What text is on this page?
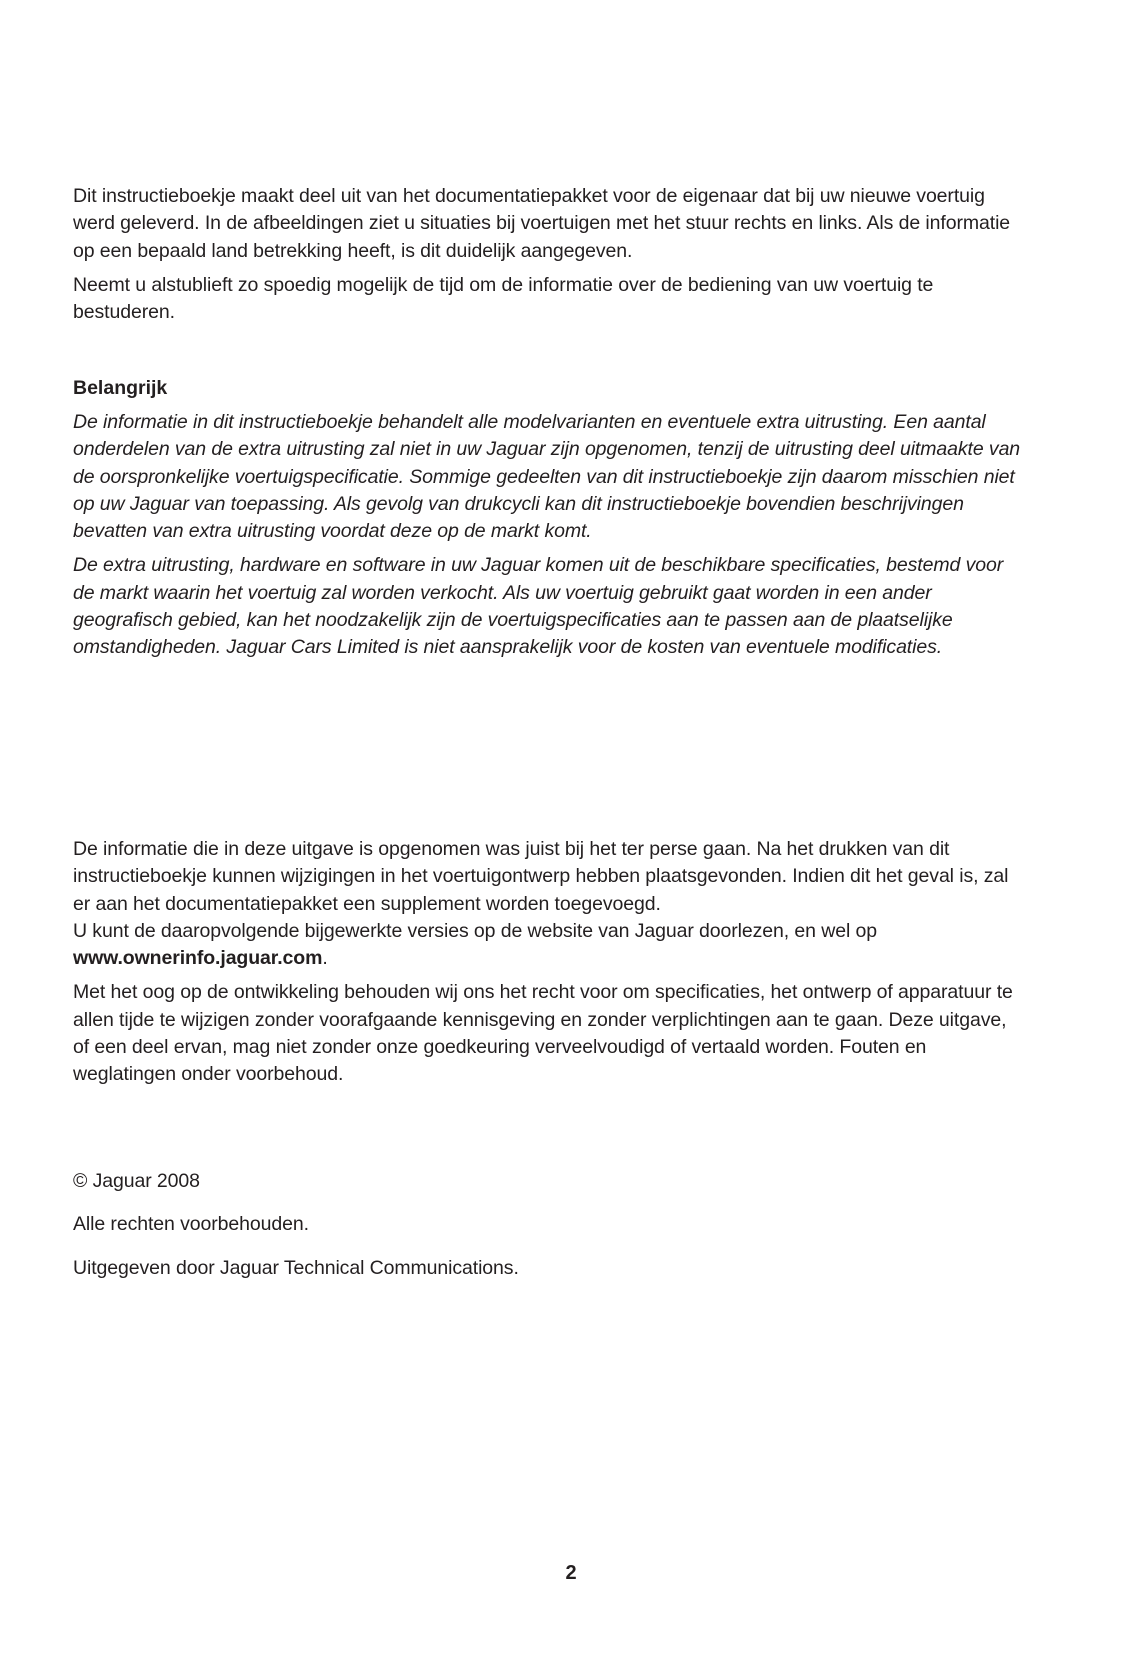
Dit instructieboekje maakt deel uit van het documentatiepakket voor de eigenaar dat bij uw nieuwe voertuig werd geleverd. In de afbeeldingen ziet u situaties bij voertuigen met het stuur rechts en links. Als de informatie op een bepaald land betrekking heeft, is dit duidelijk aangegeven.

Neemt u alstublieft zo spoedig mogelijk de tijd om de informatie over de bediening van uw voertuig te bestuderen.

Belangrijk

De informatie in dit instructieboekje behandelt alle modelvarianten en eventuele extra uitrusting. Een aantal onderdelen van de extra uitrusting zal niet in uw Jaguar zijn opgenomen, tenzij de uitrusting deel uitmaakte van de oorspronkelijke voertuigspecificatie. Sommige gedeelten van dit instructieboekje zijn daarom misschien niet op uw Jaguar van toepassing. Als gevolg van drukcycli kan dit instructieboekje bovendien beschrijvingen bevatten van extra uitrusting voordat deze op de markt komt.

De extra uitrusting, hardware en software in uw Jaguar komen uit de beschikbare specificaties, bestemd voor de markt waarin het voertuig zal worden verkocht. Als uw voertuig gebruikt gaat worden in een ander geografisch gebied, kan het noodzakelijk zijn de voertuigspecificaties aan te passen aan de plaatselijke omstandigheden. Jaguar Cars Limited is niet aansprakelijk voor de kosten van eventuele modificaties.

De informatie die in deze uitgave is opgenomen was juist bij het ter perse gaan. Na het drukken van dit instructieboekje kunnen wijzigingen in het voertuigontwerp hebben plaatsgevonden. Indien dit het geval is, zal er aan het documentatiepakket een supplement worden toegevoegd.
U kunt de daaropvolgende bijgewerkte versies op de website van Jaguar doorlezen, en wel op
www.ownerinfo.jaguar.com.

Met het oog op de ontwikkeling behouden wij ons het recht voor om specificaties, het ontwerp of apparatuur te allen tijde te wijzigen zonder voorafgaande kennisgeving en zonder verplichtingen aan te gaan. Deze uitgave, of een deel ervan, mag niet zonder onze goedkeuring verveelvoudigd of vertaald worden. Fouten en weglatingen onder voorbehoud.

© Jaguar 2008

Alle rechten voorbehouden.

Uitgegeven door Jaguar Technical Communications.

2
